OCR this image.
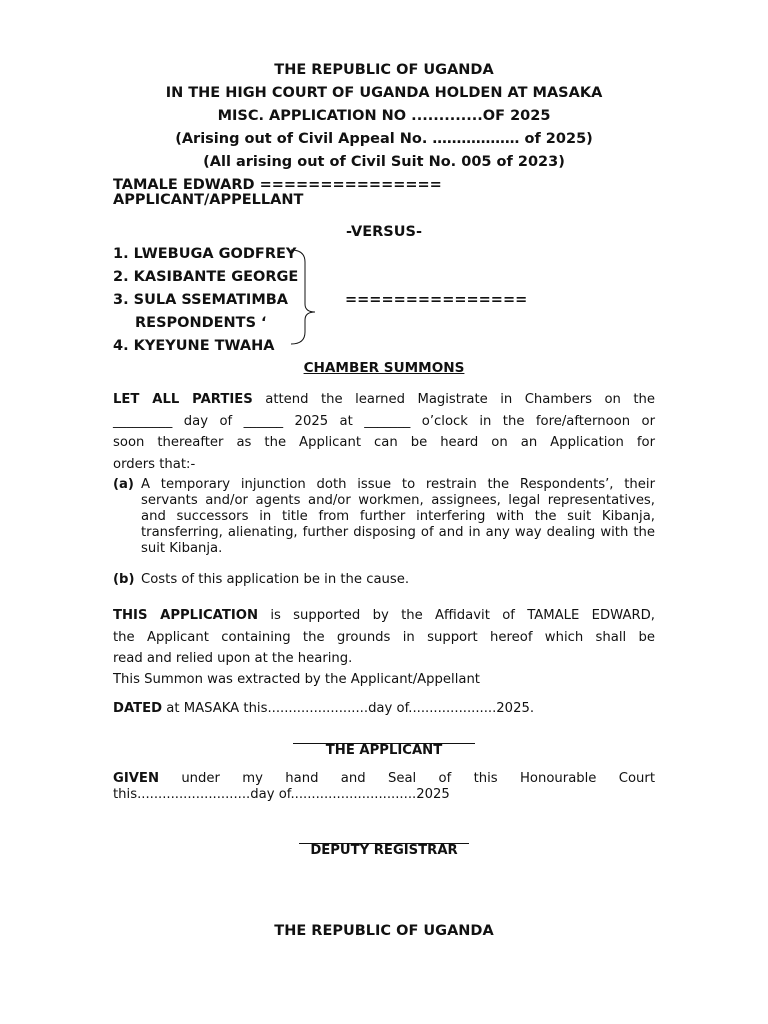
THE REPUBLIC OF UGANDA
IN THE HIGH COURT OF UGANDA HOLDEN AT MASAKA
MISC. APPLICATION NO .............OF 2025
(Arising out of Civil Appeal No. ……………… of 2025)
(All arising out of Civil Suit No. 005 of 2023)
TAMALE EDWARD ===============
APPLICANT/APPELLANT
-VERSUS-
1. LWEBUGA GODFREY
2. KASIBANTE GEORGE
3. SULA SSEMATIMBA	===============
RESPONDENTS ‘
4. KYEYUNE TWAHA
CHAMBER SUMMONS
LET ALL PARTIES attend the learned Magistrate in Chambers on the
_________ day of ______ 2025 at _______ o’clock in the fore/afternoon or
soon thereafter as the Applicant can be heard on an Application for
orders that:-
(a) A temporary injunction doth issue to restrain the Respondents’, their servants and/or agents and/or workmen, assignees, legal representatives, and successors in title from further interfering with the suit Kibanja, transferring, alienating, further disposing of and in any way dealing with the suit Kibanja.
(b) Costs of this application be in the cause.
THIS APPLICATION is supported by the Affidavit of TAMALE EDWARD,
the Applicant containing the grounds in support hereof which shall be
read and relied upon at the hearing.
This Summon was extracted by the Applicant/Appellant
DATED at MASAKA this........................day of.....................2025.
THE APPLICANT
GIVEN under my hand and Seal of this Honourable Court
this...........................day of..............................2025
DEPUTY REGISTRAR
THE REPUBLIC OF UGANDA
